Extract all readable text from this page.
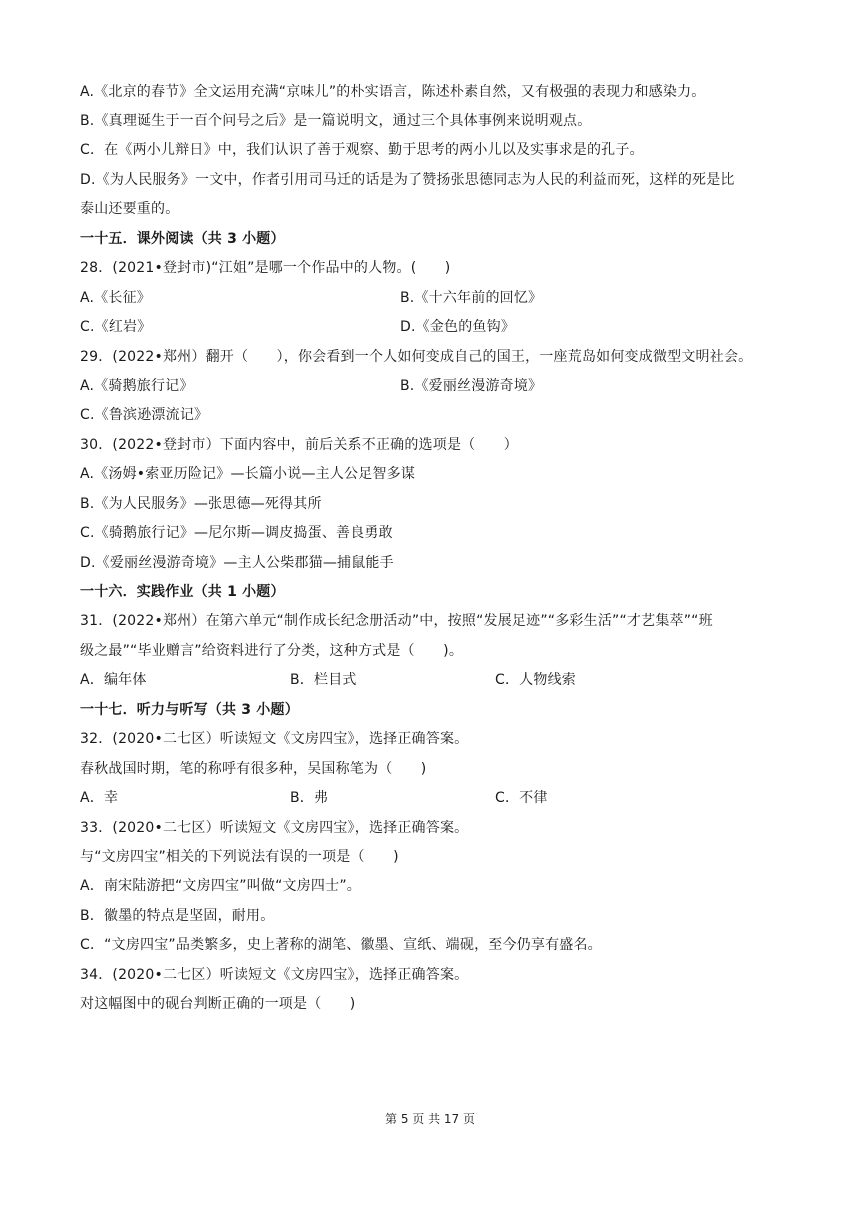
A.《北京的春节》全文运用充满“京味儿”的朴实语言，陈述朴素自然，又有极强的表现力和感染力。
B.《真理诞生于一百个问号之后》是一篇说明文，通过三个具体事例来说明观点。
C．在《两小儿辩日》中，我们认识了善于观察、勤于思考的两小儿以及实事求是的孔子。
D.《为人民服务》一文中，作者引用司马迁的话是为了赞扬张思德同志为人民的利益而死，这样的死是比
泰山还要重的。
一十五．课外阅读（共 3 小题）
28．(2021•登封市)“江姐”是哪一个作品中的人物。(　　)
A.《长征》	B.《十六年前的回忆》
C.《红岩》	D.《金色的鱼钩》
29．(2022•郑州）翻开（　　），你会看到一个人如何变成自己的国王，一座荒岛如何变成微型文明社会。
A.《骑鹅旅行记》	B.《爱丽丝漫游奇境》
C.《鲁滨逊漂流记》
30．(2022•登封市）下面内容中，前后关系不正确的选项是（　　）
A.《汤姆•索亚历险记》—长篇小说—主人公足智多谋
B.《为人民服务》—张思德—死得其所
C.《骑鹅旅行记》—尼尔斯—调皮捣蛋、善良勇敢
D.《爱丽丝漫游奇境》—主人公柴郡猫—捕鼠能手
一十六．实践作业（共 1 小题）
31．(2022•郑州）在第六单元“制作成长纪念册活动”中，按照“发展足迹”“多彩生活”“才艺集萃”“班
级之最”“毕业赠言”给资料进行了分类，这种方式是（　　)。
A．编年体	B．栏目式	C．人物线索
一十七．听力与听写（共 3 小题）
32．(2020•二七区）听读短文《文房四宝》，选择正确答案。
春秋战国时期，笔的称呼有很多种，吴国称笔为（　　)
A．幸	B．弗	C．不律
33．(2020•二七区）听读短文《文房四宝》，选择正确答案。
与“文房四宝”相关的下列说法有误的一项是（　　)
A．南宋陆游把“文房四宝”叫做“文房四士”。
B．徽墨的特点是坚固，耐用。
C．“文房四宝”品类繁多，史上著称的湖笔、徽墨、宣纸、端砚，至今仍享有盛名。
34．(2020•二七区）听读短文《文房四宝》，选择正确答案。
对这幅图中的砚台判断正确的一项是（　　)
第 5 页 共 17 页
